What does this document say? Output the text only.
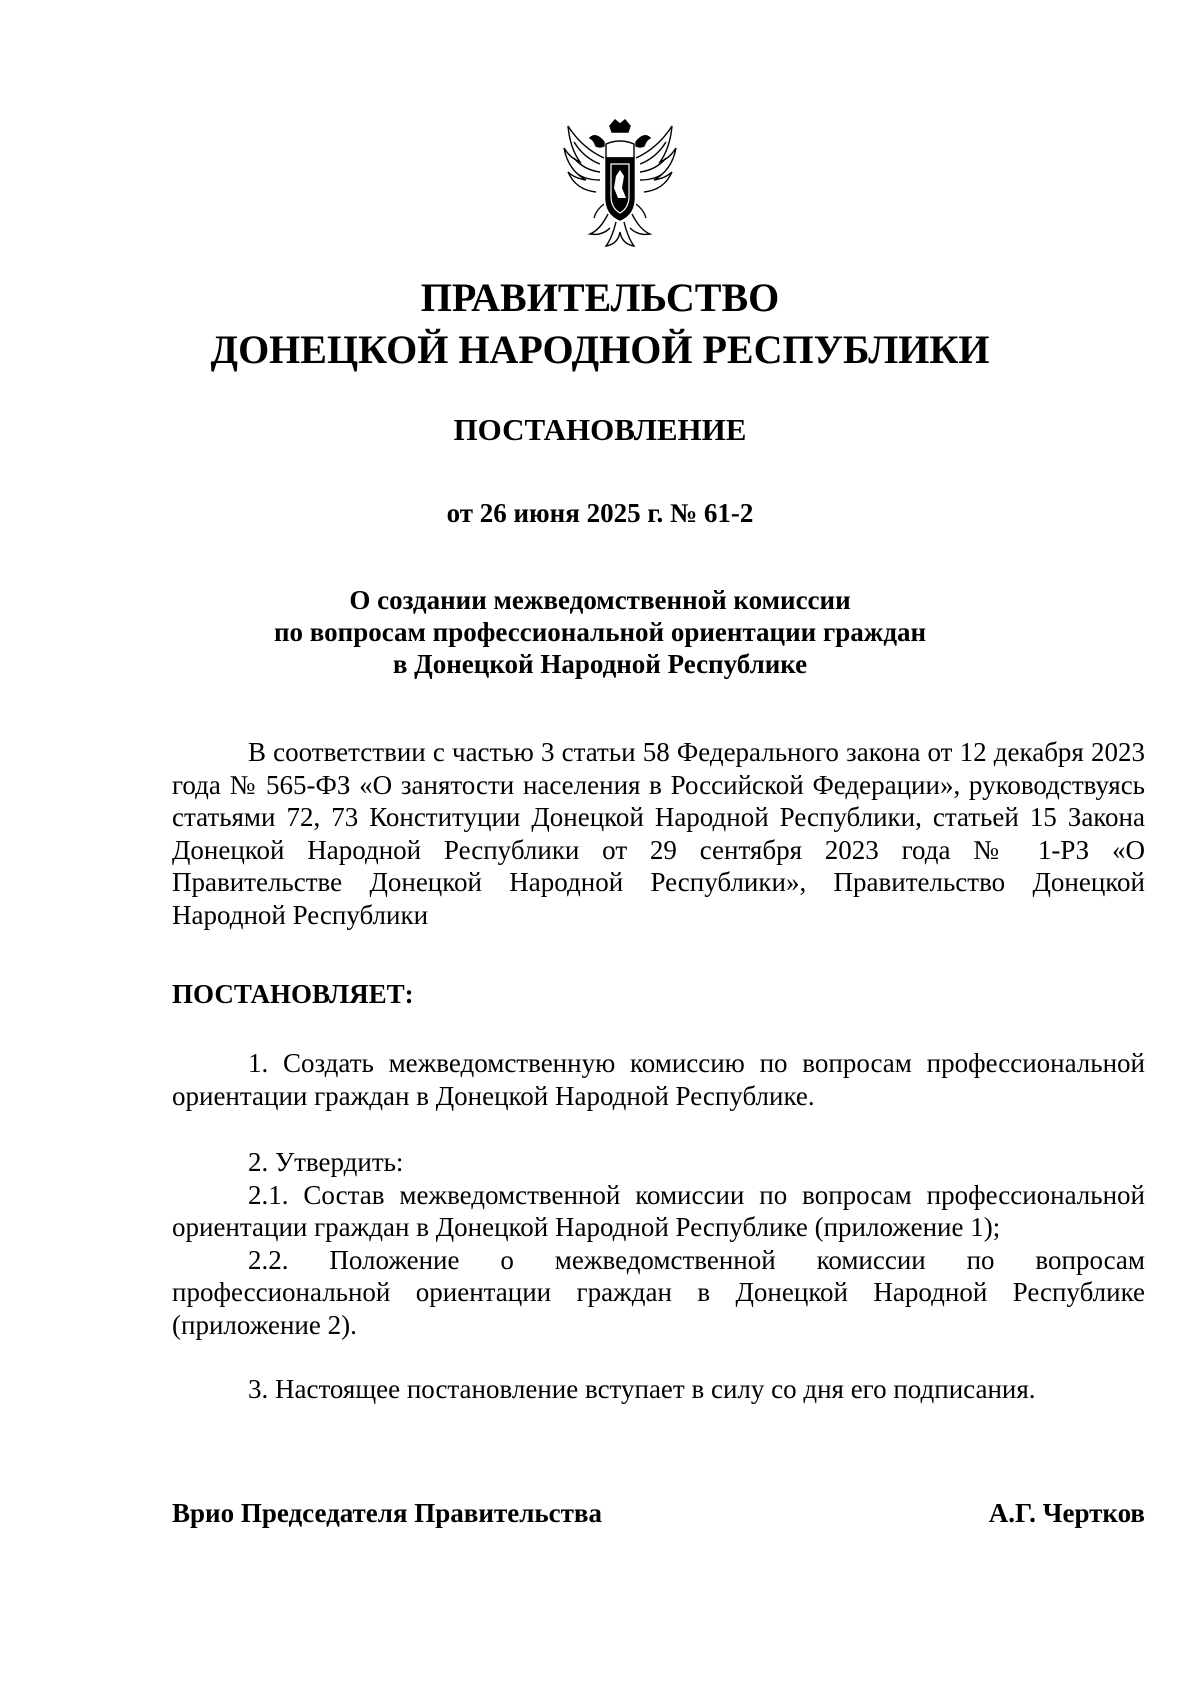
ПРАВИТЕЛЬСТВО
ДОНЕЦКОЙ НАРОДНОЙ РЕСПУБЛИКИ
ПОСТАНОВЛЕНИЕ
от 26 июня 2025 г. № 61-2
О создании межведомственной комиссии
по вопросам профессиональной ориентации граждан
в Донецкой Народной Республике

В соответствии с частью 3 статьи 58 Федерального закона от 12 декабря 2023 года № 565-ФЗ «О занятости населения в Российской Федерации», руководствуясь статьями 72, 73 Конституции Донецкой Народной Республики, статьей 15 Закона Донецкой Народной Республики от 29 сентября 2023 года № 1-РЗ «О Правительстве Донецкой Народной Республики», Правительство Донецкой Народной Республики

ПОСТАНОВЛЯЕТ:

1. Создать межведомственную комиссию по вопросам профессиональной ориентации граждан в Донецкой Народной Республике.

2. Утвердить:

2.1. Состав межведомственной комиссии по вопросам профессиональной ориентации граждан в Донецкой Народной Республике (приложение 1);

2.2. Положение о межведомственной комиссии по вопросам профессиональной ориентации граждан в Донецкой Народной Республике (приложение 2).

3. Настоящее постановление вступает в силу со дня его подписания.

Врио Председателя Правительства	А.Г. Чертков
